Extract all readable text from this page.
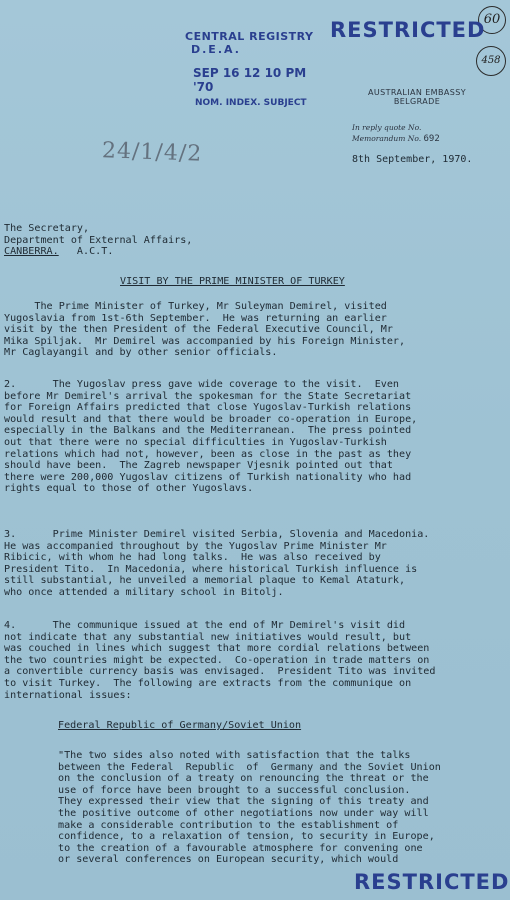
60
458
RESTRICTED
CENTRAL REGISTRY
D.E.A.
SEP 16 12 10 PM '70
NOM. INDEX. SUBJECT
AUSTRALIAN EMBASSY
BELGRADE
In reply quote No.
Memorandum No. 692
8th September, 1970.
24/1/4/2
The Secretary,
Department of External Affairs,
CANBERRA.   A.C.T.
VISIT BY THE PRIME MINISTER OF TURKEY
The Prime Minister of Turkey, Mr Suleyman Demirel, visited
Yugoslavia from 1st-6th September.  He was returning an earlier
visit by the then President of the Federal Executive Council, Mr
Mika Spiljak.  Mr Demirel was accompanied by his Foreign Minister,
Mr Caglayangil and by other senior officials.
2.      The Yugoslav press gave wide coverage to the visit.  Even
before Mr Demirel's arrival the spokesman for the State Secretariat
for Foreign Affairs predicted that close Yugoslav-Turkish relations
would result and that there would be broader co-operation in Europe,
especially in the Balkans and the Mediterranean.  The press pointed
out that there were no special difficulties in Yugoslav-Turkish
relations which had not, however, been as close in the past as they
should have been.  The Zagreb newspaper Vjesnik pointed out that
there were 200,000 Yugoslav citizens of Turkish nationality who had
rights equal to those of other Yugoslavs.
3.      Prime Minister Demirel visited Serbia, Slovenia and Macedonia.
He was accompanied throughout by the Yugoslav Prime Minister Mr
Ribicic, with whom he had long talks.  He was also received by
President Tito.  In Macedonia, where historical Turkish influence is
still substantial, he unveiled a memorial plaque to Kemal Ataturk,
who once attended a military school in Bitolj.
4.      The communique issued at the end of Mr Demirel's visit did
not indicate that any substantial new initiatives would result, but
was couched in lines which suggest that more cordial relations between
the two countries might be expected.  Co-operation in trade matters on
a convertible currency basis was envisaged.  President Tito was invited
to visit Turkey.  The following are extracts from the communique on
international issues:
Federal Republic of Germany/Soviet Union
"The two sides also noted with satisfaction that the talks
between the Federal  Republic  of  Germany and the Soviet Union
on the conclusion of a treaty on renouncing the threat or the
use of force have been brought to a successful conclusion.
They expressed their view that the signing of this treaty and
the positive outcome of other negotiations now under way will
make a considerable contribution to the establishment of
confidence, to a relaxation of tension, to security in Europe,
to the creation of a favourable atmosphere for convening one
or several conferences on European security, which would
RESTRICTED
